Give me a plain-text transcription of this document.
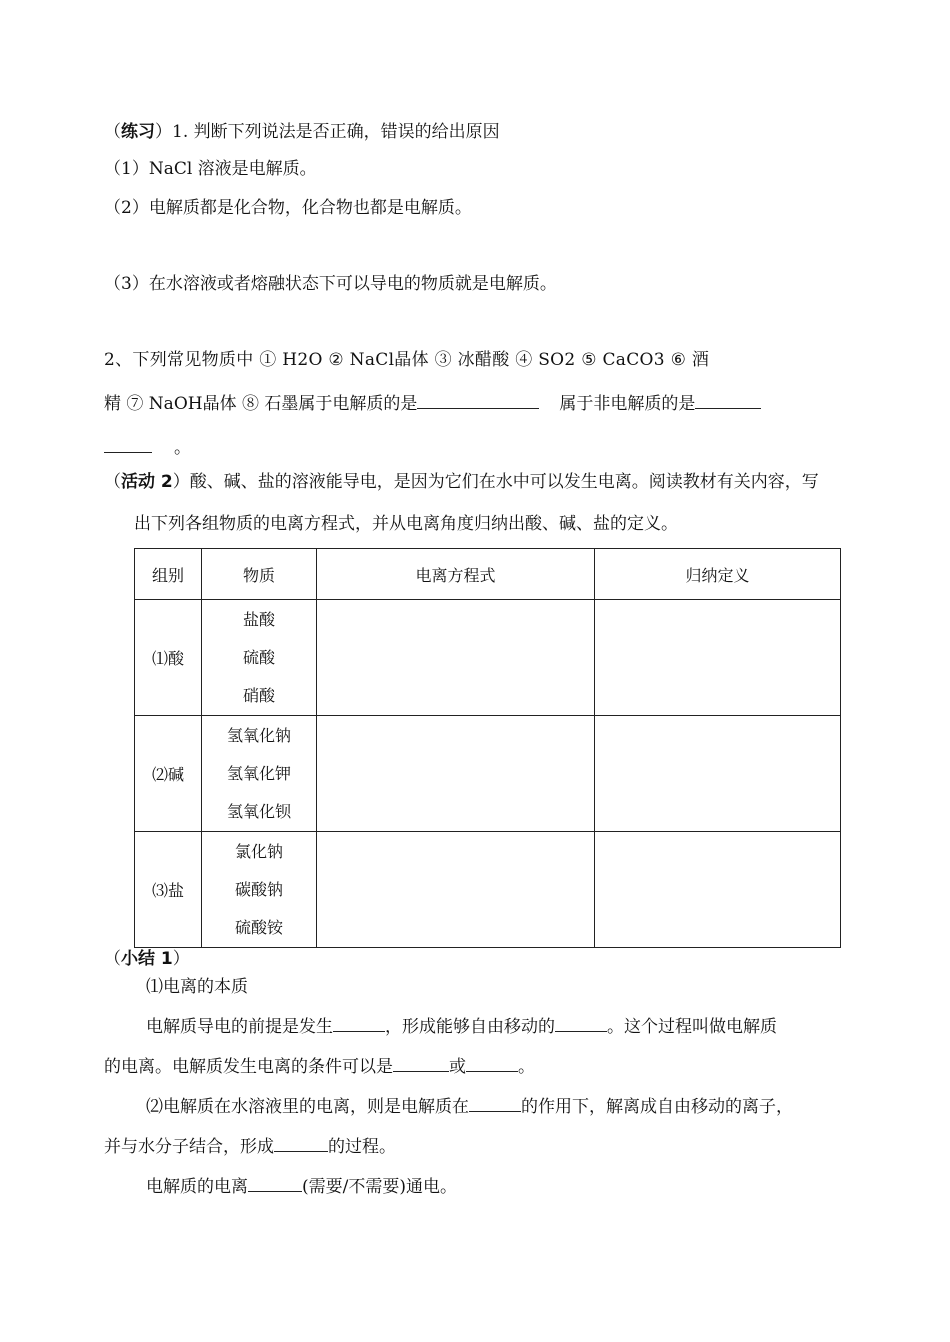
（练习）1. 判断下列说法是否正确，错误的给出原因
（1）NaCl 溶液是电解质。
（2）电解质都是化合物，化合物也都是电解质。
（3）在水溶液或者熔融状态下可以导电的物质就是电解质。
2、下列常见物质中 ① H2O ② NaCl晶体 ③ 冰醋酸 ④ SO2 ⑤ CaCO3 ⑥ 酒
精 ⑦ NaOH晶体 ⑧ 石墨属于电解质的是	属于非电解质的是
。
（活动 2）酸、碱、盐的溶液能导电，是因为它们在水中可以发生电离。阅读教材有关内容，写
出下列各组物质的电离方程式，并从电离角度归纳出酸、碱、盐的定义。
组别	物质	电离方程式	归纳定义
⑴酸	盐酸
硫酸
硝酸		

⑵碱	氢氧化钠
氢氧化钾
氢氧化钡		

⑶盐	氯化钠
碳酸钠
硫酸铵		

（小结 1）
⑴电离的本质
电解质导电的前提是发生	，形成能够自由移动的	。这个过程叫做电解质
的电离。电解质发生电离的条件可以是	或	。
⑵电解质在水溶液里的电离，则是电解质在	的作用下，解离成自由移动的离子，
并与水分子结合，形成	的过程。
电解质的电离	(需要/不需要)通电。
